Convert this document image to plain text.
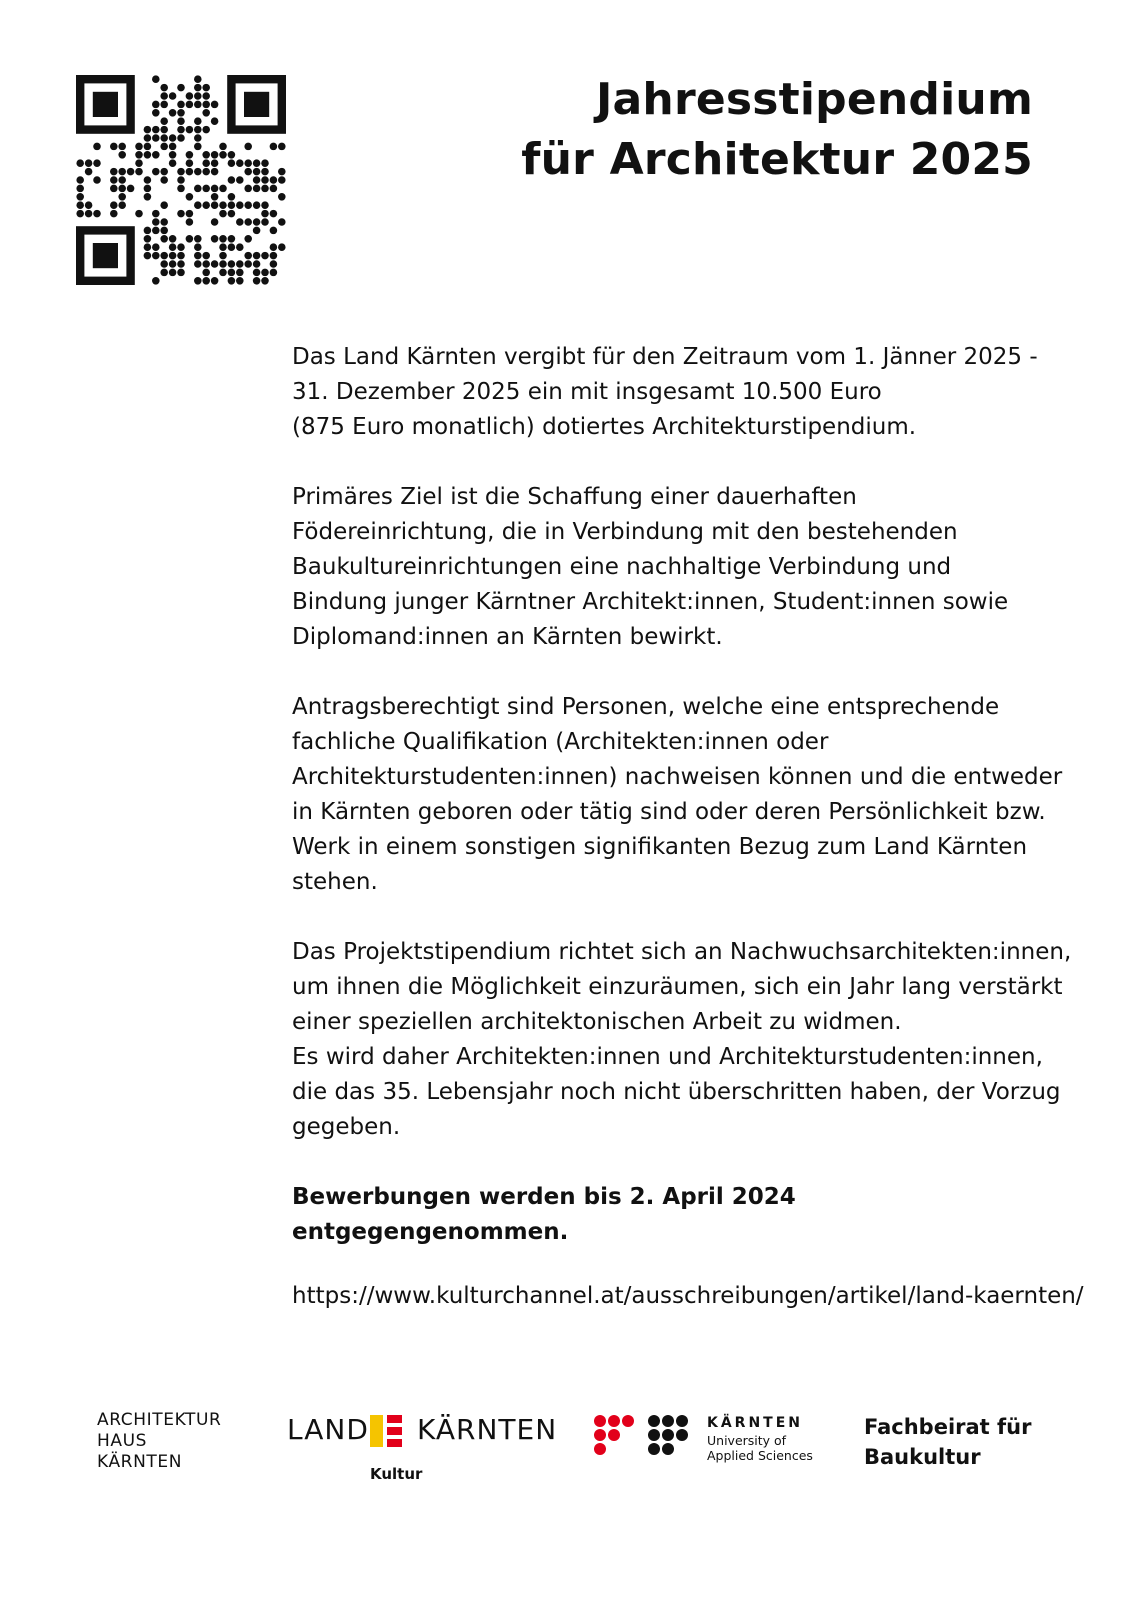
Jahresstipendium
für Architektur 2025
Das Land Kärnten vergibt für den Zeitraum vom 1. Jänner 2025 -
31. Dezember 2025 ein mit insgesamt 10.500 Euro
(875 Euro monatlich) dotiertes Architekturstipendium.
Primäres Ziel ist die Schaffung einer dauerhaften
Födereinrichtung, die in Verbindung mit den bestehenden
Baukultureinrichtungen eine nachhaltige Verbindung und
Bindung junger Kärntner Architekt:innen, Student:innen sowie
Diplomand:innen an Kärnten bewirkt.
Antragsberechtigt sind Personen, welche eine entsprechende
fachliche Qualifikation (Architekten:innen oder
Architekturstudenten:innen) nachweisen können und die entweder
in Kärnten geboren oder tätig sind oder deren Persönlichkeit bzw.
Werk in einem sonstigen signifikanten Bezug zum Land Kärnten
stehen.
Das Projektstipendium richtet sich an Nachwuchsarchitekten:innen,
um ihnen die Möglichkeit einzuräumen, sich ein Jahr lang verstärkt
einer speziellen architektonischen Arbeit zu widmen.
Es wird daher Architekten:innen und Architekturstudenten:innen,
die das 35. Lebensjahr noch nicht überschritten haben, der Vorzug
gegeben.
Bewerbungen werden bis 2. April 2024 entgegengenommen.
https://www.kulturchannel.at/ausschreibungen/artikel/land-kaernten/
ARCHITEKTUR
HAUS
KÄRNTEN
LAND KÄRNTEN
Kultur
KÄRNTEN
University of
Applied Sciences
Fachbeirat für
Baukultur
